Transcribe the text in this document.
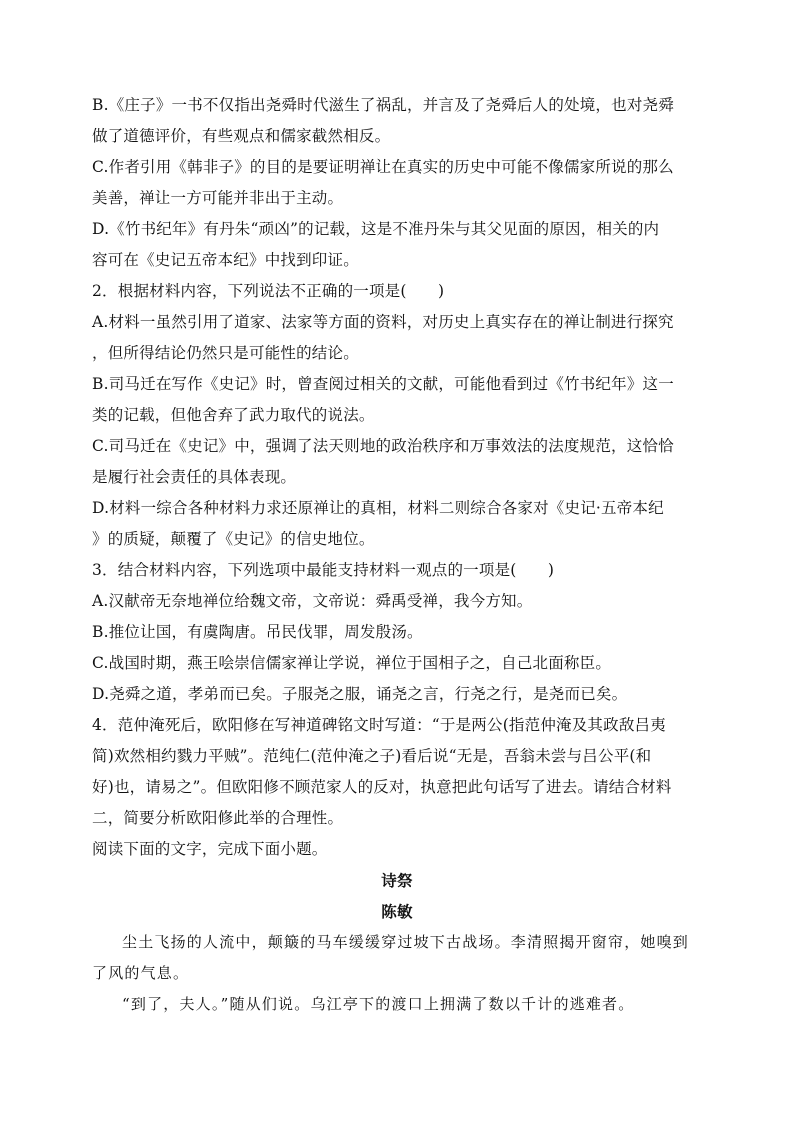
B.《庄子》一书不仅指出尧舜时代滋生了祸乱，并言及了尧舜后人的处境，也对尧舜
做了道德评价，有些观点和儒家截然相反。
C.作者引用《韩非子》的目的是要证明禅让在真实的历史中可能不像儒家所说的那么
美善，禅让一方可能并非出于主动。
D.《竹书纪年》有丹朱“顽凶”的记载，这是不准丹朱与其父见面的原因，相关的内
容可在《史记五帝本纪》中找到印证。
2．根据材料内容，下列说法不正确的一项是(　　)
A.材料一虽然引用了道家、法家等方面的资料，对历史上真实存在的禅让制进行探究
，但所得结论仍然只是可能性的结论。
B.司马迁在写作《史记》时，曾查阅过相关的文献，可能他看到过《竹书纪年》这一
类的记载，但他舍弃了武力取代的说法。
C.司马迁在《史记》中，强调了法天则地的政治秩序和万事效法的法度规范，这恰恰
是履行社会责任的具体表现。
D.材料一综合各种材料力求还原禅让的真相，材料二则综合各家对《史记·五帝本纪
》的质疑，颠覆了《史记》的信史地位。
3．结合材料内容，下列选项中最能支持材料一观点的一项是(　　)
A.汉献帝无奈地禅位给魏文帝，文帝说：舜禹受禅，我今方知。
B.推位让国，有虞陶唐。吊民伐罪，周发殷汤。
C.战国时期，燕王哙崇信儒家禅让学说，禅位于国相子之，自己北面称臣。
D.尧舜之道，孝弟而已矣。子服尧之服，诵尧之言，行尧之行，是尧而已矣。
4．范仲淹死后，欧阳修在写神道碑铭文时写道：“于是两公(指范仲淹及其政敌吕夷
简)欢然相约戮力平贼”。范纯仁(范仲淹之子)看后说“无是，吾翁未尝与吕公平(和
好)也，请易之”。但欧阳修不顾范家人的反对，执意把此句话写了进去。请结合材料
二，简要分析欧阳修此举的合理性。
阅读下面的文字，完成下面小题。
诗祭
陈敏
尘土飞扬的人流中，颠簸的马车缓缓穿过坡下古战场。李清照揭开窗帘，她嗅到
了风的气息。
“到了，夫人。”随从们说。乌江亭下的渡口上拥满了数以千计的逃难者。
